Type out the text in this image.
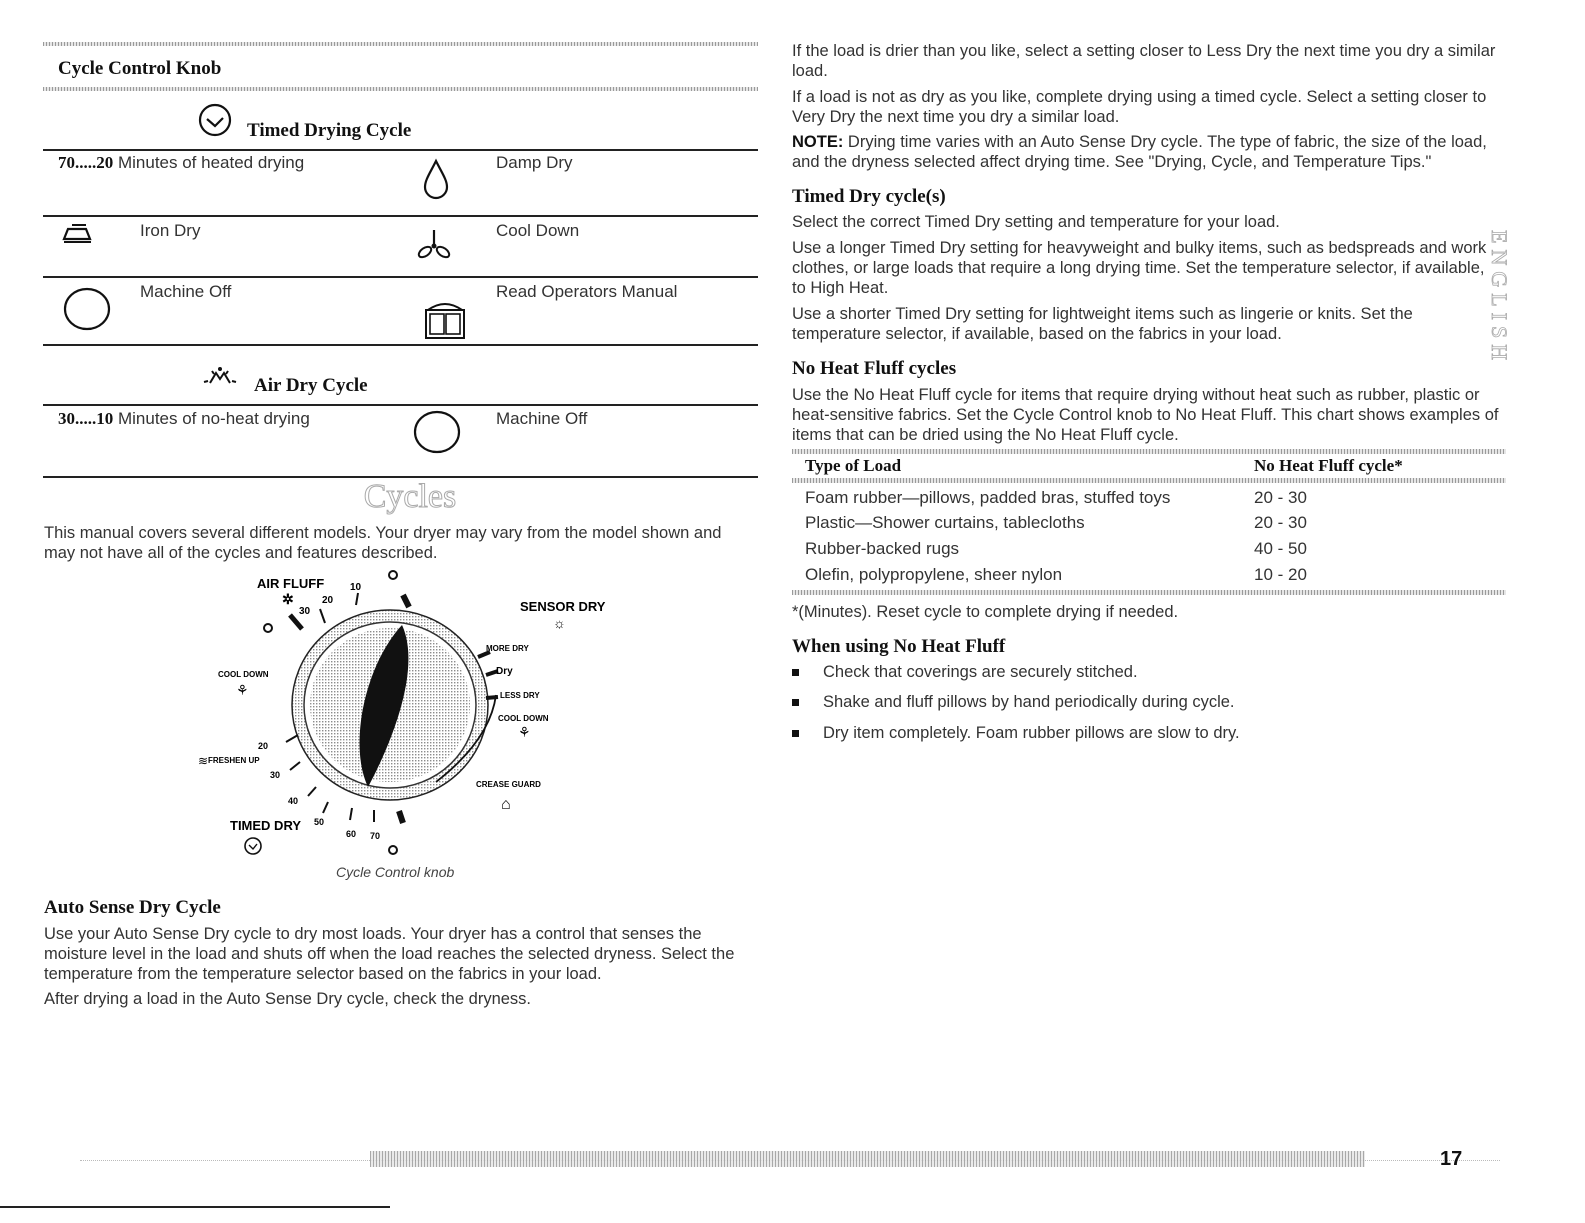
Cycle Control Knob
Timed Drying Cycle
70.....20 Minutes of heated drying	Damp Dry
Iron Dry	Cool Down
Machine Off	Read Operators Manual
Air Dry Cycle
30.....10 Minutes of no-heat drying	Machine Off
Cycles

This manual covers several different models. Your dryer may vary from the model shown and may not have all of the cycles and features described.

AIR FLUFF
✲
10
20
30	SENSOR DRY
☼
MORE DRY
Dry
LESS DRY
COOL DOWN
⚘
COOL DOWN
⚘
CREASE GUARD
⌂
FRESHEN UP
≋
20
30
40
TIMED DRY 50
60 70
Cycle Control knob
Auto Sense Dry Cycle

Use your Auto Sense Dry cycle to dry most loads. Your dryer has a control that senses the moisture level in the load and shuts off when the load reaches the selected dryness. Select the temperature from the temperature selector based on the fabrics in your load.

After drying a load in the Auto Sense Dry cycle, check the dryness.

If the load is drier than you like, select a setting closer to Less Dry the next time you dry a similar load.

If a load is not as dry as you like, complete drying using a timed cycle. Select a setting closer to Very Dry the next time you dry a similar load.

NOTE: Drying time varies with an Auto Sense Dry cycle. The type of fabric, the size of the load, and the dryness selected affect drying time. See "Drying, Cycle, and Temperature Tips."

Timed Dry cycle(s)

Select the correct Timed Dry setting and temperature for your load.

Use a longer Timed Dry setting for heavyweight and bulky items, such as bedspreads and work clothes, or large loads that require a long drying time. Set the temperature selector, if available, to High Heat.

Use a shorter Timed Dry setting for lightweight items such as lingerie or knits. Set the temperature selector, if available, based on the fabrics in your load.	ENGLISH
No Heat Fluff cycles

Use the No Heat Fluff cycle for items that require drying without heat such as rubber, plastic or heat-sensitive fabrics. Set the Cycle Control knob to No Heat Fluff. This chart shows examples of items that can be dried using the No Heat Fluff cycle.

Type of Load	No Heat Fluff cycle*
Foam rubber—pillows, padded bras, stuffed toys	20 - 30
Plastic—Shower curtains, tablecloths	20 - 30
Rubber-backed rugs	40 - 50
Olefin, polypropylene, sheer nylon	10 - 20

*(Minutes). Reset cycle to complete drying if needed.

When using No Heat Fluff
Check that coverings are securely stitched.
Shake and fluff pillows by hand periodically during cycle.
Dry item completely. Foam rubber pillows are slow to dry.
17
